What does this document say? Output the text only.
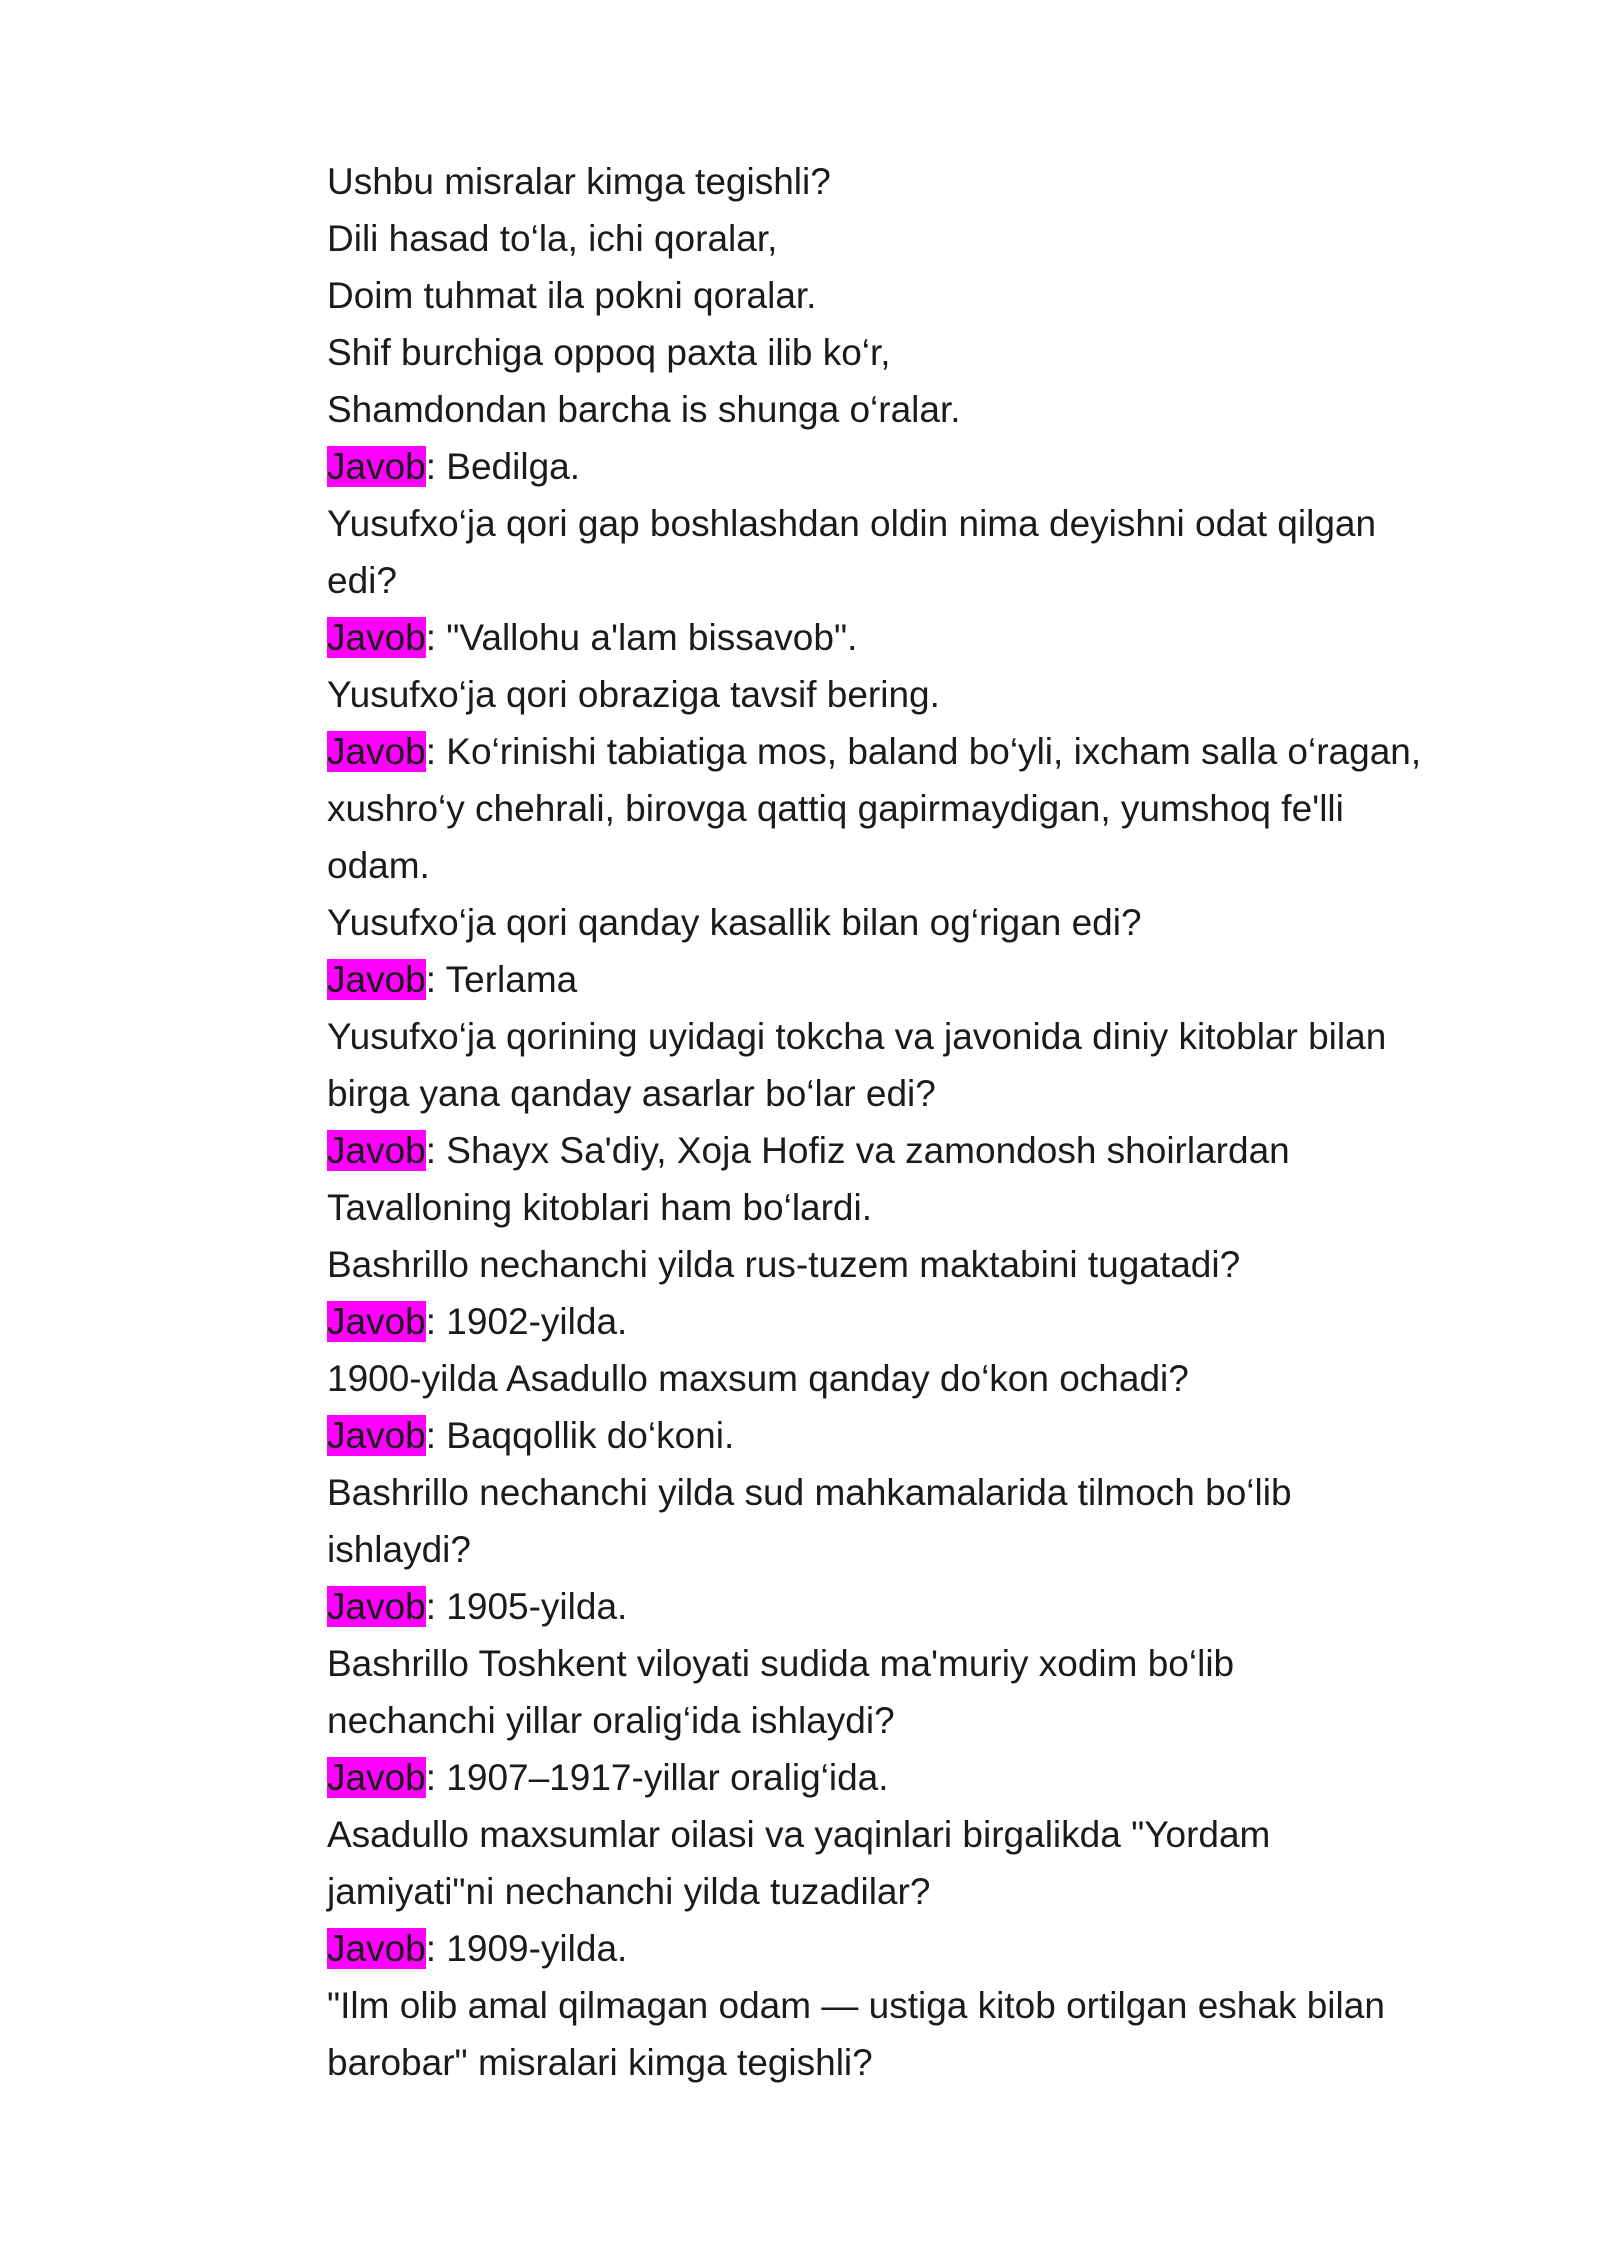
Ushbu misralar kimga tegishli?
Dili hasad to‘la, ichi qoralar,
Doim tuhmat ila pokni qoralar.
Shif burchiga oppoq paxta ilib ko‘r,
Shamdondan barcha is shunga o‘ralar.
Javob: Bedilga.
Yusufxo‘ja qori gap boshlashdan oldin nima deyishni odat qilgan
edi?
Javob: "Vallohu a'lam bissavob".
Yusufxo‘ja qori obraziga tavsif bering.
Javob: Ko‘rinishi tabiatiga mos, baland bo‘yli, ixcham salla o‘ragan,
xushro‘y chehrali, birovga qattiq gapirmaydigan, yumshoq fe'lli
odam.
Yusufxo‘ja qori qanday kasallik bilan og‘rigan edi?
Javob: Terlama
Yusufxo‘ja qorining uyidagi tokcha va javonida diniy kitoblar bilan
birga yana qanday asarlar bo‘lar edi?
Javob: Shayx Sa'diy, Xoja Hofiz va zamondosh shoirlardan
Tavalloning kitoblari ham bo‘lardi.
Bashrillo nechanchi yilda rus-tuzem maktabini tugatadi?
Javob: 1902-yilda.
1900-yilda Asadullo maxsum qanday do‘kon ochadi?
Javob: Baqqollik do‘koni.
Bashrillo nechanchi yilda sud mahkamalarida tilmoch bo‘lib
ishlaydi?
Javob: 1905-yilda.
Bashrillo Toshkent viloyati sudida ma'muriy xodim bo‘lib
nechanchi yillar oralig‘ida ishlaydi?
Javob: 1907–1917-yillar oralig‘ida.
Asadullo maxsumlar oilasi va yaqinlari birgalikda "Yordam
jamiyati"ni nechanchi yilda tuzadilar?
Javob: 1909-yilda.
"Ilm olib amal qilmagan odam — ustiga kitob ortilgan eshak bilan
barobar" misralari kimga tegishli?
